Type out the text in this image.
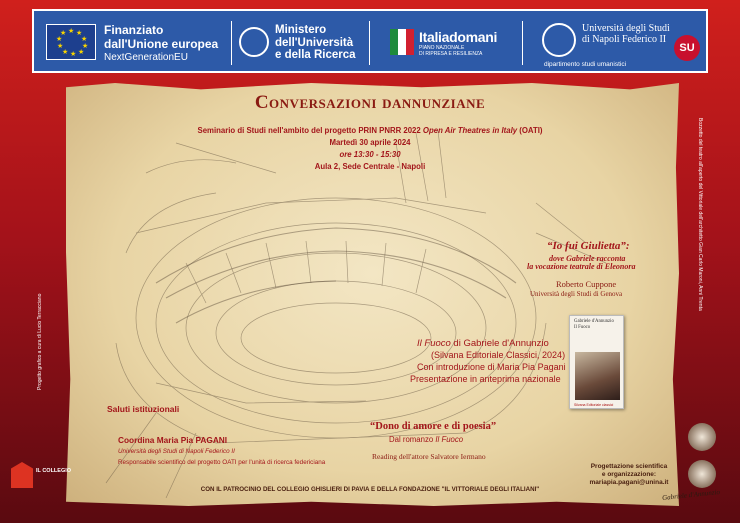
★ ★
★
★
★
★
★
★
★
★	Finanziato
dall'Unione europea
NextGenerationEU
Ministero
dell'Università
e della Ricerca
Italiadomani
PIANO NAZIONALE
DI RIPRESA E RESILIENZA
Università degli Studi
di Napoli Federico II
dipartimento studi umanistici
SU
Progetto grafico a cura di Lucio Terracciano
Bozzetto del teatro all'aperto del Vittoriale dell'architetto Gian Carlo Maroni, Anni Trenta
Conversazioni dannunziane
Seminario di Studi nell'ambito del progetto PRIN PNRR 2022 Open Air Theatres in Italy (OATI)
Martedì 30 aprile 2024
ore 13:30 - 15:30
Aula 2, Sede Centrale - Napoli
“Io fui Giulietta”:
dove Gabriele racconta
la vocazione teatrale di Eleonora
Roberto Cuppone
Università degli Studi di Genova
Il Fuoco di Gabriele d'Annunzio
(Silvana Editoriale Classici, 2024)
Con introduzione di Maria Pia Pagani
Presentazione in anteprima nazionale
Gabriele d'Annunzio
Il Fuoco
Silvana Editoriale classici
Saluti istituzionali
“Dono di amore e di poesia”
Dal romanzo Il Fuoco
Reading dell'attore Salvatore Iermano
Coordina Maria Pia PAGANI
Università degli Studi di Napoli Federico II
Responsabile scientifico del progetto OATI per l'unità di ricerca federiciana
Progettazione scientifica
e organizzazione:
mariapia.pagani@unina.it
CON IL PATROCINIO DEL COLLEGIO GHISLIERI DI PAVIA E DELLA FONDAZIONE "IL VITTORIALE DEGLI ITALIANI"
IL COLLEGIO
Gabriele d'Annunzio
